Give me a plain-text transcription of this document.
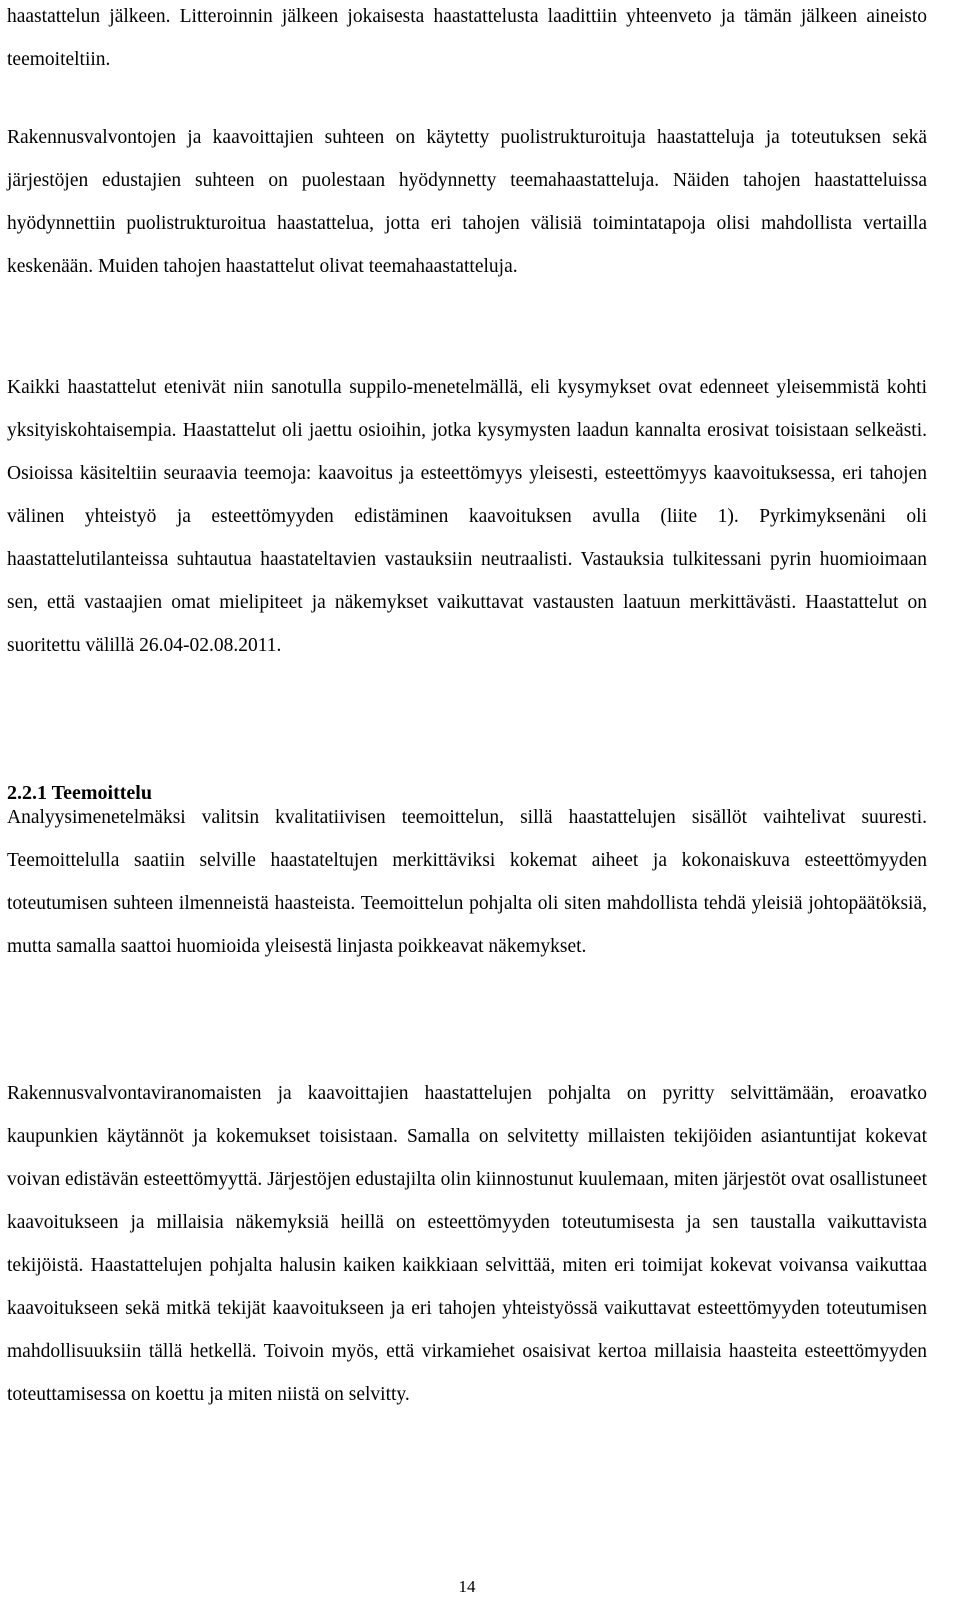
haastattelun jälkeen. Litteroinnin jälkeen jokaisesta haastattelusta laadittiin yhteenveto ja tämän jälkeen aineisto teemoiteltiin.

Rakennusvalvontojen ja kaavoittajien suhteen on käytetty puolistrukturoituja haastatteluja ja toteutuksen sekä järjestöjen edustajien suhteen on puolestaan hyödynnetty teemahaastatteluja. Näiden tahojen haastatteluissa hyödynnettiin puolistrukturoitua haastattelua, jotta eri tahojen välisiä toimintatapoja olisi mahdollista vertailla keskenään. Muiden tahojen haastattelut olivat teemahaastatteluja.

Kaikki haastattelut etenivät niin sanotulla suppilo-menetelmällä, eli kysymykset ovat edenneet yleisemmistä kohti yksityiskohtaisempia. Haastattelut oli jaettu osioihin, jotka kysymysten laadun kannalta erosivat toisistaan selkeästi. Osioissa käsiteltiin seuraavia teemoja: kaavoitus ja esteettömyys yleisesti, esteettömyys kaavoituksessa, eri tahojen välinen yhteistyö ja esteettömyyden edistäminen kaavoituksen avulla (liite 1). Pyrkimyksenäni oli haastattelutilanteissa suhtautua haastateltavien vastauksiin neutraalisti. Vastauksia tulkitessani pyrin huomioimaan sen, että vastaajien omat mielipiteet ja näkemykset vaikuttavat vastausten laatuun merkittävästi. Haastattelut on suoritettu välillä 26.04-02.08.2011.

2.2.1 Teemoittelu

Analyysimenetelmäksi valitsin kvalitatiivisen teemoittelun, sillä haastattelujen sisällöt vaihtelivat suuresti. Teemoittelulla saatiin selville haastateltujen merkittäviksi kokemat aiheet ja kokonaiskuva esteettömyyden toteutumisen suhteen ilmenneistä haasteista. Teemoittelun pohjalta oli siten mahdollista tehdä yleisiä johtopäätöksiä, mutta samalla saattoi huomioida yleisestä linjasta poikkeavat näkemykset.

Rakennusvalvontaviranomaisten ja kaavoittajien haastattelujen pohjalta on pyritty selvittämään, eroavatko kaupunkien käytännöt ja kokemukset toisistaan. Samalla on selvitetty millaisten tekijöiden asiantuntijat kokevat voivan edistävän esteettömyyttä. Järjestöjen edustajilta olin kiinnostunut kuulemaan, miten järjestöt ovat osallistuneet kaavoitukseen ja millaisia näkemyksiä heillä on esteettömyyden toteutumisesta ja sen taustalla vaikuttavista tekijöistä. Haastattelujen pohjalta halusin kaiken kaikkiaan selvittää, miten eri toimijat kokevat voivansa vaikuttaa kaavoitukseen sekä mitkä tekijät kaavoitukseen ja eri tahojen yhteistyössä vaikuttavat esteettömyyden toteutumisen mahdollisuuksiin tällä hetkellä. Toivoin myös, että virkamiehet osaisivat kertoa millaisia haasteita esteettömyyden toteuttamisessa on koettu ja miten niistä on selvitty.

14
